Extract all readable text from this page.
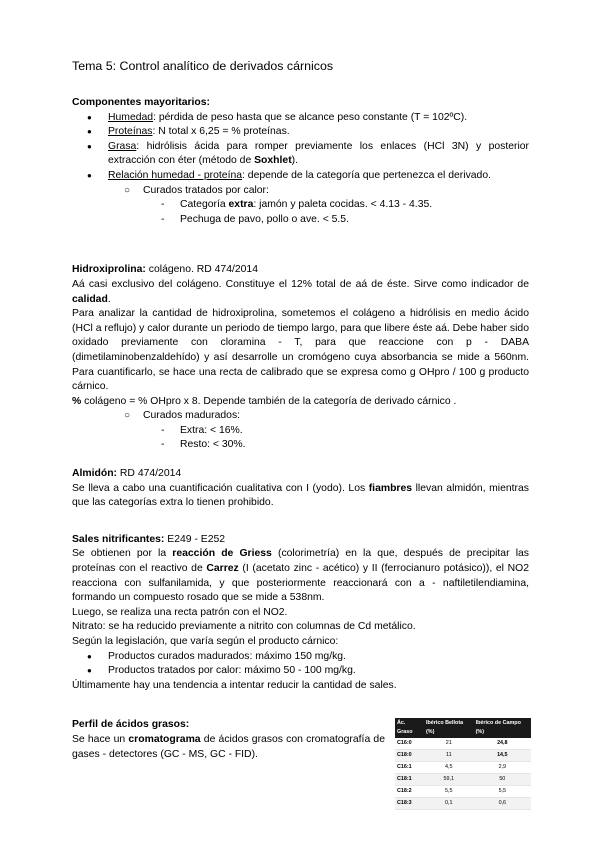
Tema 5: Control analítico de derivados cárnicos

Componentes mayoritarios:

● Humedad: pérdida de peso hasta que se alcance peso constante (T = 102ºC).
● Proteínas: N total x 6,25 = % proteínas.
● Grasa: hidrólisis ácida para romper previamente los enlaces (HCl 3N) y posterior extracción con éter (método de Soxhlet).
● Relación humedad - proteína: depende de la categoría que pertenezca el derivado.
○ Curados tratados por calor:
- Categoría extra: jamón y paleta cocidas. < 4.13 - 4.35.
- Pechuga de pavo, pollo o ave. < 5.5.

Hidroxiprolina: colágeno. RD 474/2014

Aá casi exclusivo del colágeno. Constituye el 12% total de aá de éste. Sirve como indicador de calidad.

Para analizar la cantidad de hidroxiprolina, sometemos el colágeno a hidrólisis en medio ácido (HCl a reflujo) y calor durante un periodo de tiempo largo, para que libere éste aá. Debe haber sido oxidado previamente con cloramina - T, para que reaccione con p - DABA (dimetilaminobenzaldehído) y así desarrolle un cromógeno cuya absorbancia se mide a 560nm. Para cuantificarlo, se hace una recta de calibrado que se expresa como g OHpro / 100 g producto cárnico.

% colágeno = % OHpro x 8. Depende también de la categoría de derivado cárnico .

○ Curados madurados:
- Extra: < 16%.
- Resto: < 30%.

Almidón: RD 474/2014

Se lleva a cabo una cuantificación cualitativa con I (yodo). Los fiambres llevan almidón, mientras que las categorías extra lo tienen prohibido.

Sales nitrificantes: E249 - E252

Se obtienen por la reacción de Griess (colorimetría) en la que, después de precipitar las proteínas con el reactivo de Carrez (I (acetato zinc - acético) y II (ferrocianuro potásico)), el NO2 reacciona con sulfanilamida, y que posteriormente reaccionará con a - naftiletilendiamina, formando un compuesto rosado que se mide a 538nm.

Luego, se realiza una recta patrón con el NO2.

Nitrato: se ha reducido previamente a nitrito con columnas de Cd metálico.

Según la legislación, que varía según el producto cárnico:

● Productos curados madurados: máximo 150 mg/kg.
● Productos tratados por calor: máximo 50 - 100 mg/kg.

Últimamente hay una tendencia a intentar reducir la cantidad de sales.

Perfil de ácidos grasos:

Se hace un cromatograma de ácidos grasos con cromatografía de gases - detectores (GC - MS, GC - FID).

Ác. Graso	Ibérico Bellota (%)	Ibérico de Campo (%)
C16:0	21	24,8
C18:0	11	14,5
C16:1	4,5	2,9
C18:1	59,1	50
C18:2	5,5	5,5
C18:3	0,1	0,6
